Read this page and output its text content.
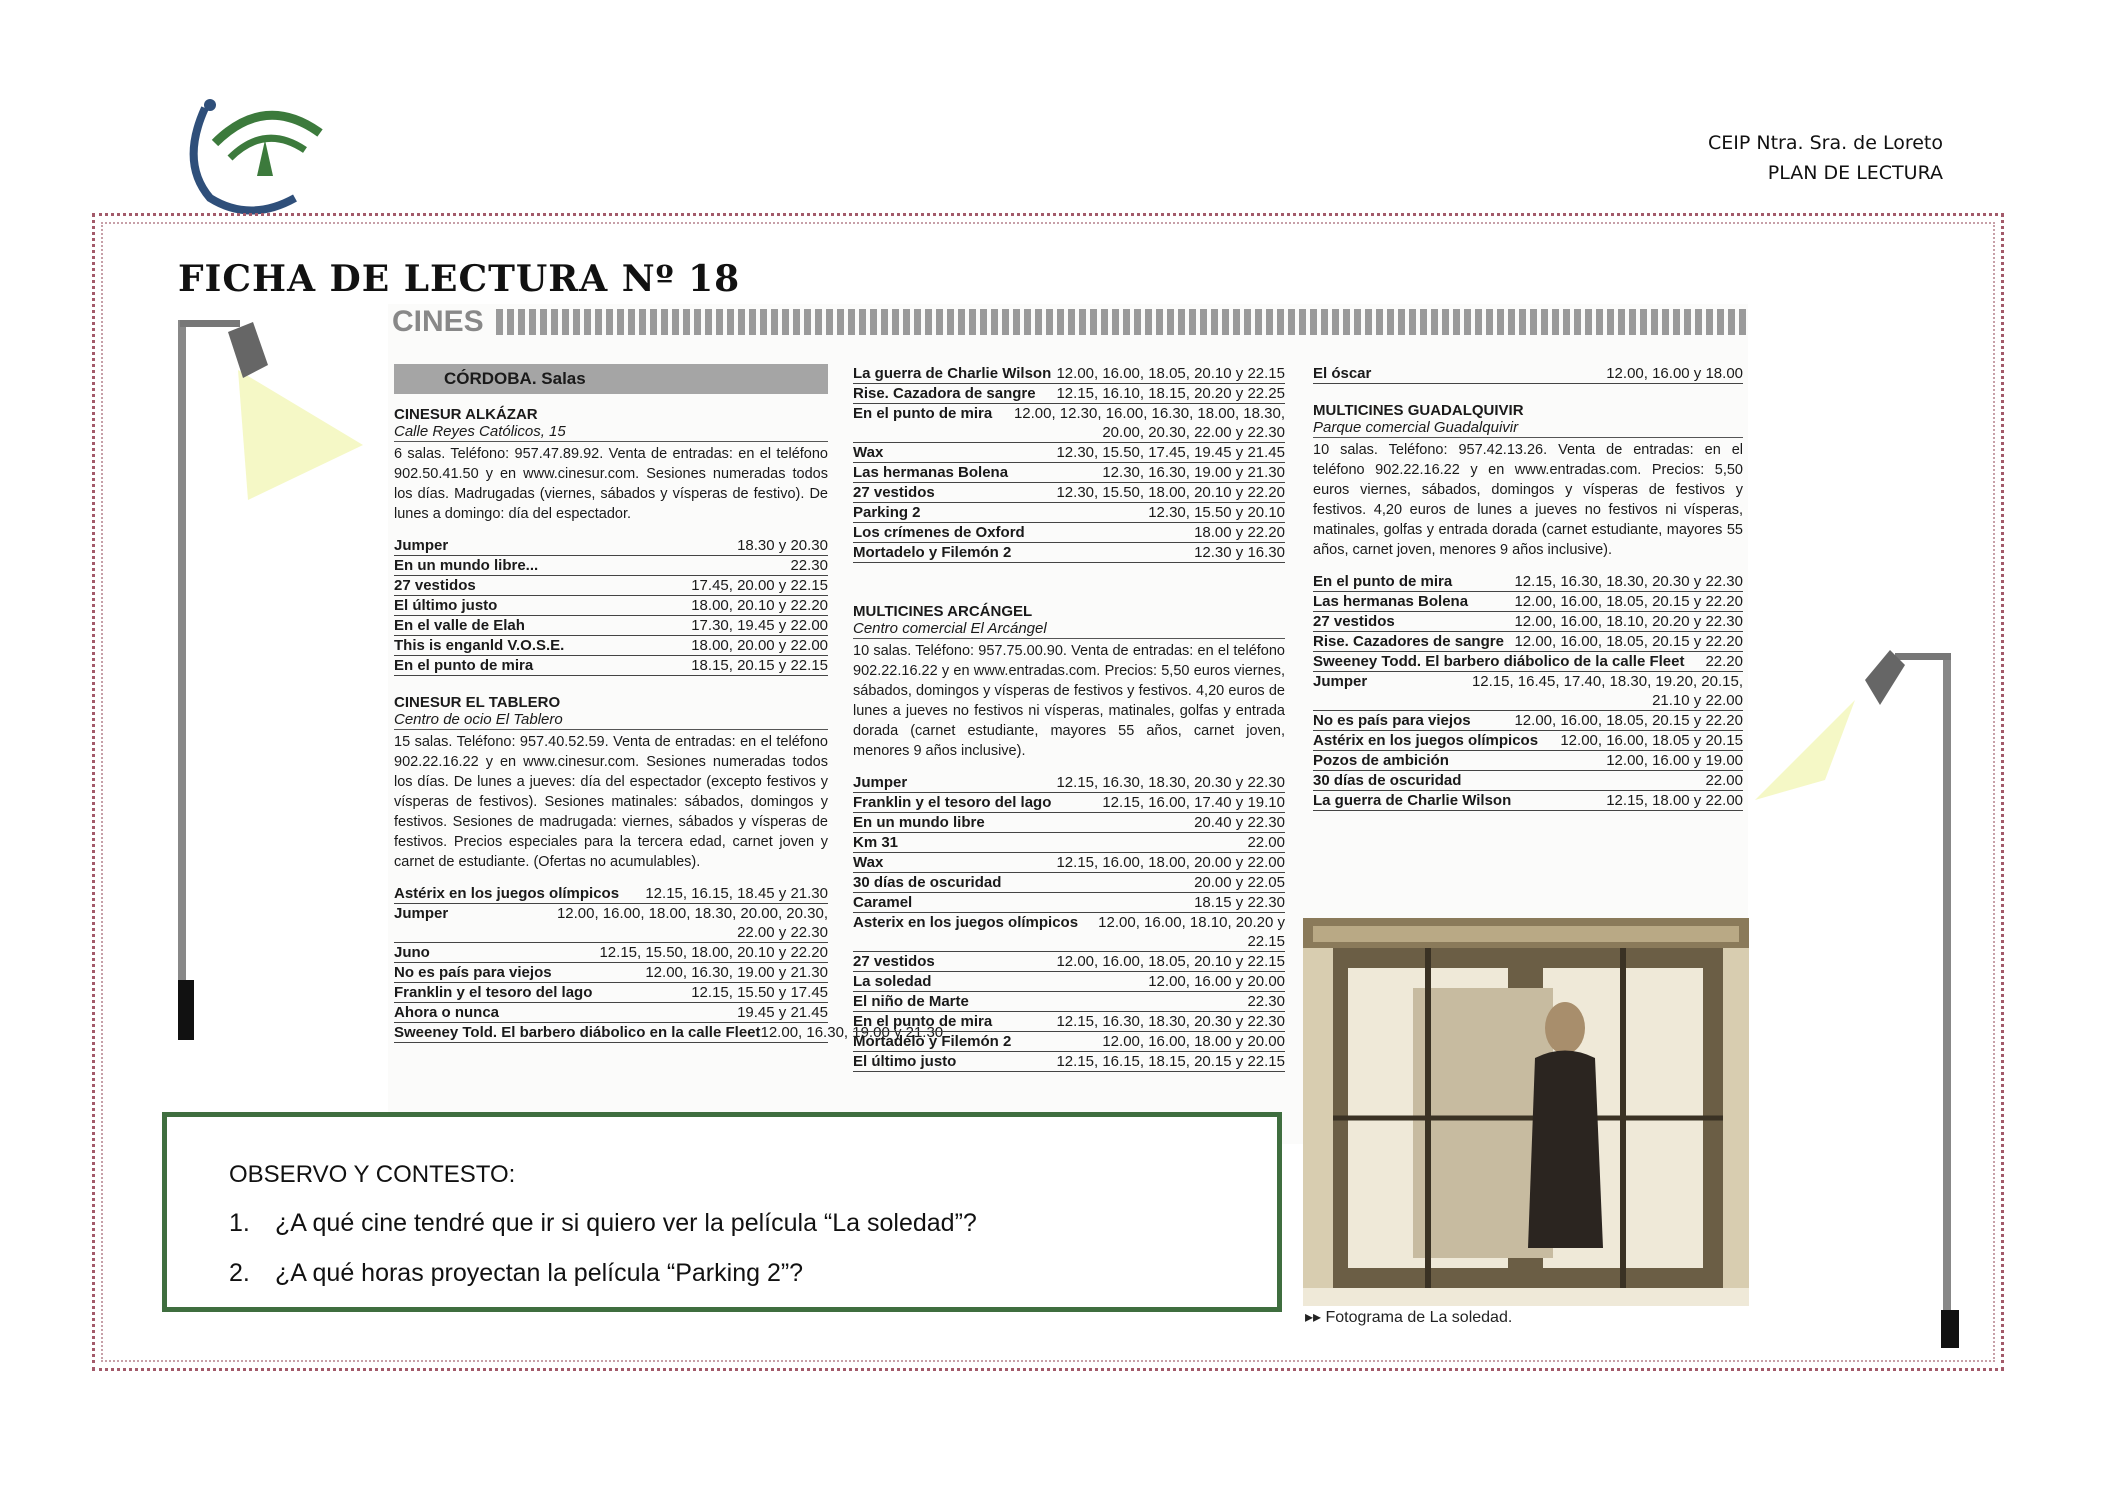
CEIP Ntra. Sra. de Loreto
PLAN DE LECTURA
FICHA DE LECTURA Nº 18
CINES
CÓRDOBA. Salas
CINESUR ALKÁZAR
Calle Reyes Católicos, 15
6 salas. Teléfono: 957.47.89.92. Venta de entradas: en el teléfono 902.50.41.50 y en www.cinesur.com. Sesiones numeradas todos los días. Madrugadas (viernes, sábados y vísperas de festivo). De lunes a domingo: día del espectador.
Jumper	18.30 y 20.30
En un mundo libre...	22.30
27 vestidos	17.45, 20.00 y 22.15
El último justo	18.00, 20.10 y 22.20
En el valle de Elah	17.30, 19.45 y 22.00
This is enganld V.O.S.E.	18.00, 20.00 y 22.00
En el punto de mira	18.15, 20.15 y 22.15
CINESUR EL TABLERO
Centro de ocio El Tablero
15 salas. Teléfono: 957.40.52.59. Venta de entradas: en el teléfono 902.22.16.22 y en www.cinesur.com. Sesiones numeradas todos los días. De lunes a jueves: día del espectador (excepto festivos y vísperas de festivos). Sesiones matinales: sábados, domingos y festivos. Sesiones de madrugada: viernes, sábados y vísperas de festivos. Precios especiales para la tercera edad, carnet joven y carnet de estudiante. (Ofertas no acumulables).
Astérix en los juegos olímpicos 12.15, 16.15, 18.45 y 21.30
Jumper	12.00, 16.00, 18.00, 18.30, 20.00, 20.30, 22.00 y 22.30
Juno	12.15, 15.50, 18.00, 20.10 y 22.20
No es país para viejos	12.00, 16.30, 19.00 y 21.30
Franklin y el tesoro del lago	12.15, 15.50 y 17.45
Ahora o nunca	19.45 y 21.45
Sweeney Told. El barbero diábolico en la calle Fleet 12.00, 16.30, 19.00 y 21.30
La guerra de Charlie Wilson 12.00, 16.00, 18.05, 20.10 y 22.15
Rise. Cazadora de sangre 12.15, 16.10, 18.15, 20.20 y 22.25
En el punto de mira	12.00, 12.30, 16.00, 16.30, 18.00, 18.30, 20.00, 20.30, 22.00 y 22.30
Wax	12.30, 15.50, 17.45, 19.45 y 21.45
Las hermanas Bolena	12.30, 16.30, 19.00 y 21.30
27 vestidos	12.30, 15.50, 18.00, 20.10 y 22.20
Parking 2	12.30, 15.50 y 20.10
Los crímenes de Oxford	18.00 y 22.20
Mortadelo y Filemón 2	12.30 y 16.30
MULTICINES ARCÁNGEL
Centro comercial El Arcángel
10 salas. Teléfono: 957.75.00.90. Venta de entradas: en el teléfono 902.22.16.22 y en www.entradas.com. Precios: 5,50 euros viernes, sábados, domingos y vísperas de festivos y festivos. 4,20 euros de lunes a jueves no festivos ni vísperas, matinales, golfas y entrada dorada (carnet estudiante, mayores 55 años, carnet joven, menores 9 años inclusive).
Jumper	12.15, 16.30, 18.30, 20.30 y 22.30
Franklin y el tesoro del lago	12.15, 16.00, 17.40 y 19.10
En un mundo libre	20.40 y 22.30
Km 31	22.00
Wax	12.15, 16.00, 18.00, 20.00 y 22.00
30 días de oscuridad	20.00 y 22.05
Caramel	18.15 y 22.30
Asterix en los juegos olímpicos	12.00, 16.00, 18.10, 20.20 y 22.15
27 vestidos	12.00, 16.00, 18.05, 20.10 y 22.15
La soledad	12.00, 16.00 y 20.00
El niño de Marte	22.30
En el punto de mira	12.15, 16.30, 18.30, 20.30 y 22.30
Mortadelo y Filemón 2	12.00, 16.00, 18.00 y 20.00
El último justo	12.15, 16.15, 18.15, 20.15 y 22.15
El óscar	12.00, 16.00 y 18.00
MULTICINES GUADALQUIVIR
Parque comercial Guadalquivir
10 salas. Teléfono: 957.42.13.26. Venta de entradas: en el teléfono 902.22.16.22 y en www.entradas.com. Precios: 5,50 euros viernes, sábados, domingos y vísperas de festivos y festivos. 4,20 euros de lunes a jueves no festivos ni vísperas, matinales, golfas y entrada dorada (carnet estudiante, mayores 55 años, carnet joven, menores 9 años inclusive).
En el punto de mira	12.15, 16.30, 18.30, 20.30 y 22.30
Las hermanas Bolena	12.00, 16.00, 18.05, 20.15 y 22.20
27 vestidos	12.00, 16.00, 18.10, 20.20 y 22.30
Rise. Cazadores de sangre 12.00, 16.00, 18.05, 20.15 y 22.20
Sweeney Todd. El barbero diábolico de la calle Fleet 22.20
Jumper	12.15, 16.45, 17.40, 18.30, 19.20, 20.15, 21.10 y 22.00
No es país para viejos	12.00, 16.00, 18.05, 20.15 y 22.20
Astérix en los juegos olímpicos 12.00, 16.00, 18.05 y 20.15
Pozos de ambición	12.00, 16.00 y 19.00
30 días de oscuridad	22.00
La guerra de Charlie Wilson	12.15, 18.00 y 22.00
▸▸ Fotograma de La soledad.
OBSERVO Y CONTESTO:
1. ¿A qué cine tendré que ir si quiero ver la película “La soledad”?
2. ¿A qué horas proyectan la película “Parking 2”?
